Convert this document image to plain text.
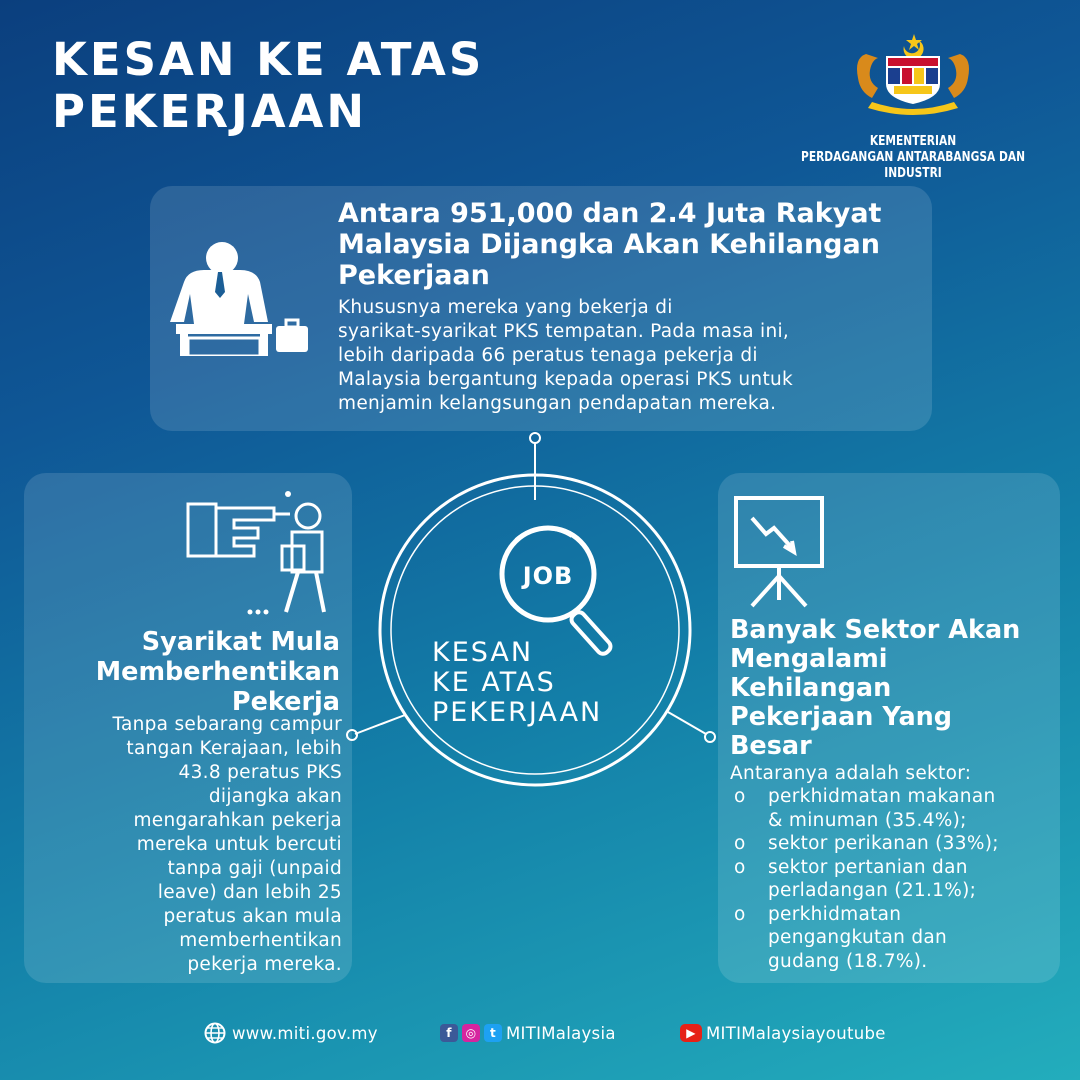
KESAN KE ATAS
PEKERJAAN
KEMENTERIAN
PERDAGANGAN ANTARABANGSA DAN INDUSTRI
Antara 951,000 dan 2.4 Juta Rakyat
Malaysia Dijangka Akan Kehilangan
Pekerjaan
Khususnya mereka yang bekerja di
syarikat-syarikat PKS tempatan. Pada masa ini,
lebih daripada 66 peratus tenaga pekerja di
Malaysia bergantung kepada operasi PKS untuk
menjamin kelangsungan pendapatan mereka.
JOB
KESAN
KE ATAS
PEKERJAAN
Syarikat Mula
Memberhentikan
Pekerja
Tanpa sebarang campur
tangan Kerajaan, lebih
43.8 peratus PKS
dijangka akan
mengarahkan pekerja
mereka untuk bercuti
tanpa gaji (unpaid
leave) dan lebih 25
peratus akan mula
memberhentikan
pekerja mereka.
Banyak Sektor Akan
Mengalami
Kehilangan
Pekerjaan Yang
Besar
Antaranya adalah sektor:
o perkhidmatan makanan
& minuman (35.4%);
o sektor perikanan (33%);
o sektor pertanian dan
perladangan (21.1%);
o perkhidmatan
pengangkutan dan
gudang (18.7%).
www.miti.gov.my	f	◎	t MITIMalaysia	▶ MITIMalaysiayoutube
